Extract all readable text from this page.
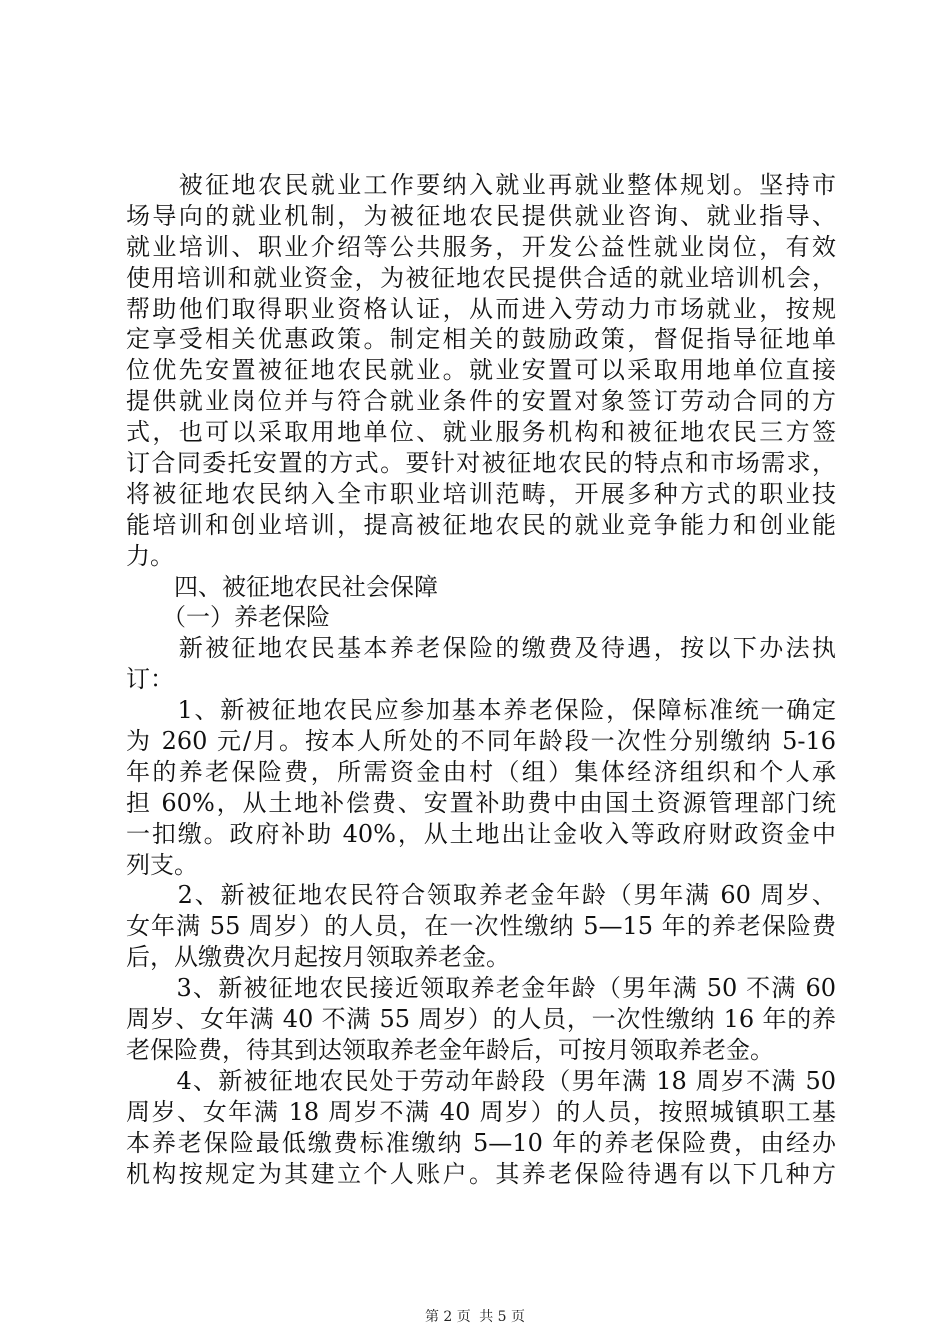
　　被征地农民就业工作要纳入就业再就业整体规划。坚持市
场导向的就业机制，为被征地农民提供就业咨询、就业指导、
就业培训、职业介绍等公共服务，开发公益性就业岗位，有效
使用培训和就业资金，为被征地农民提供合适的就业培训机会，
帮助他们取得职业资格认证，从而进入劳动力市场就业，按规
定享受相关优惠政策。制定相关的鼓励政策，督促指导征地单
位优先安置被征地农民就业。就业安置可以采取用地单位直接
提供就业岗位并与符合就业条件的安置对象签订劳动合同的方
式，也可以采取用地单位、就业服务机构和被征地农民三方签
订合同委托安置的方式。要针对被征地农民的特点和市场需求，
将被征地农民纳入全市职业培训范畴，开展多种方式的职业技
能培训和创业培训，提高被征地农民的就业竞争能力和创业能
力。
　　四、被征地农民社会保障
　　（一）养老保险
　　新被征地农民基本养老保险的缴费及待遇，按以下办法执
订：
　　1、新被征地农民应参加基本养老保险，保障标准统一确定
为 260 元/月。按本人所处的不同年龄段一次性分别缴纳 5-16
年的养老保险费，所需资金由村（组）集体经济组织和个人承
担 60%，从土地补偿费、安置补助费中由国土资源管理部门统
一扣缴。政府补助 40%，从土地出让金收入等政府财政资金中
列支。
　　2、新被征地农民符合领取养老金年龄（男年满 60 周岁、
女年满 55 周岁）的人员，在一次性缴纳 5—15 年的养老保险费
后，从缴费次月起按月领取养老金。
　　3、新被征地农民接近领取养老金年龄（男年满 50 不满 60
周岁、女年满 40 不满 55 周岁）的人员，一次性缴纳 16 年的养
老保险费，待其到达领取养老金年龄后，可按月领取养老金。
　　4、新被征地农民处于劳动年龄段（男年满 18 周岁不满 50
周岁、女年满 18 周岁不满 40 周岁）的人员，按照城镇职工基
本养老保险最低缴费标准缴纳 5—10 年的养老保险费，由经办
机构按规定为其建立个人账户。其养老保险待遇有以下几种方
第 2 页 共 5 页
